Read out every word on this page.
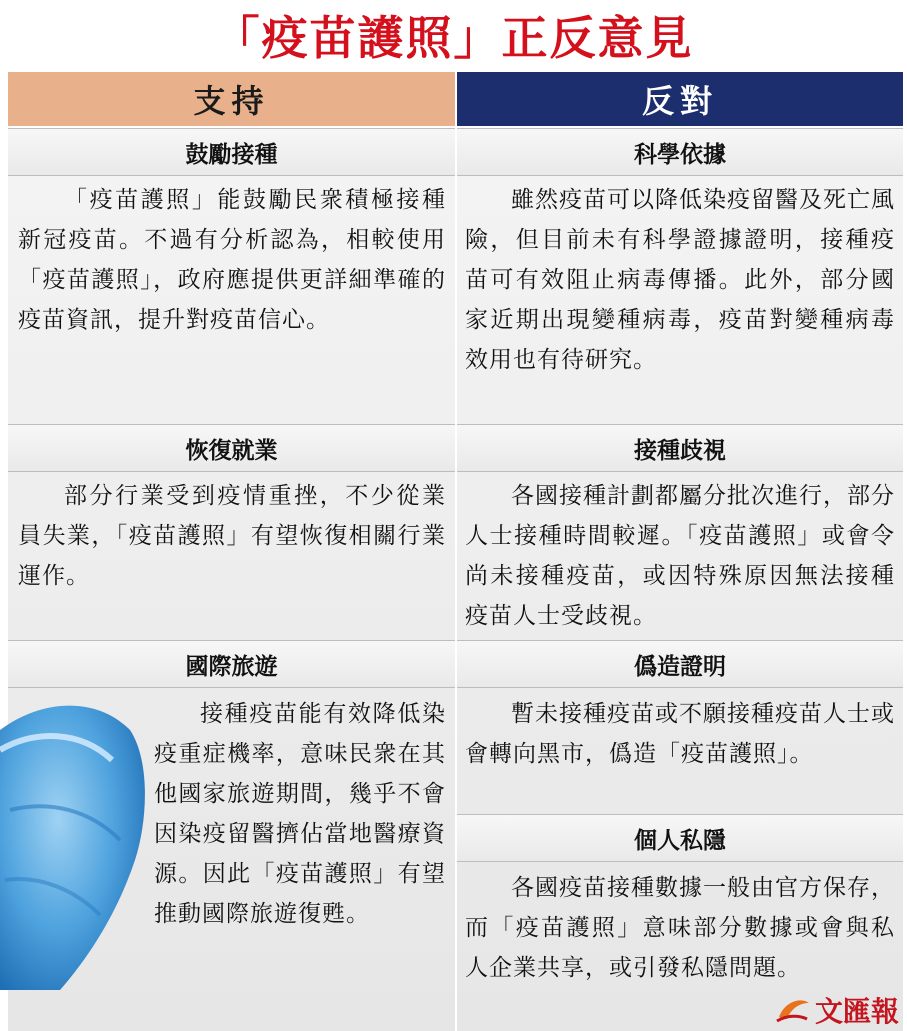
「疫苗護照」正反意見
支持	反對
鼓勵接種
「疫苗護照」能鼓勵民衆積極接種新冠疫苗。不過有分析認為，相較使用「疫苗護照」，政府應提供更詳細準確的疫苗資訊，提升對疫苗信心。
恢復就業
部分行業受到疫情重挫，不少從業員失業，「疫苗護照」有望恢復相關行業運作。
國際旅遊
接種疫苗能有效降低染疫重症機率，意味民衆在其他國家旅遊期間，幾乎不會因染疫留醫擠佔當地醫療資源。因此「疫苗護照」有望推動國際旅遊復甦。
科學依據
雖然疫苗可以降低染疫留醫及死亡風險，但目前未有科學證據證明，接種疫苗可有效阻止病毒傳播。此外，部分國家近期出現變種病毒，疫苗對變種病毒效用也有待研究。
接種歧視
各國接種計劃都屬分批次進行，部分人士接種時間較遲。「疫苗護照」或會令尚未接種疫苗，或因特殊原因無法接種疫苗人士受歧視。
僞造證明
暫未接種疫苗或不願接種疫苗人士或會轉向黑市，僞造「疫苗護照」。
個人私隱
各國疫苗接種數據一般由官方保存，而「疫苗護照」意味部分數據或會與私人企業共享，或引發私隱問題。
文匯報
